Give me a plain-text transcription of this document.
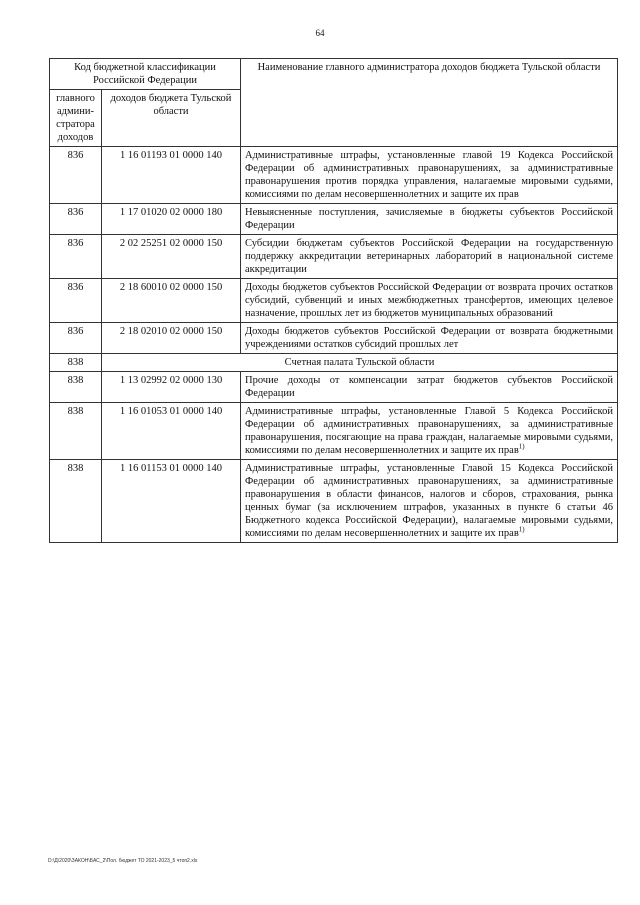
64
Код бюджетной классификации Российской Федерации		Наименование главного администратора доходов бюджета Тульской области
главного админи-стратора доходов	доходов бюджета Тульской области	
836	1 16 01193 01 0000 140	Административные штрафы, установленные главой 19 Кодекса Российской Федерации об административных правонарушениях, за административные правонарушения против порядка управления, налагаемые мировыми судьями, комиссиями по делам несовершеннолетних и защите их прав
836	1 17 01020 02 0000 180	Невыясненные поступления, зачисляемые в бюджеты субъектов Российской Федерации
836	2 02 25251 02 0000 150	Субсидии бюджетам субъектов Российской Федерации на государственную поддержку аккредитации ветеринарных лабораторий в национальной системе аккредитации
836	2 18 60010 02 0000 150	Доходы бюджетов субъектов Российской Федерации от возврата прочих остатков субсидий, субвенций и иных межбюджетных трансфертов, имеющих целевое назначение, прошлых лет из бюджетов муниципальных образований
836	2 18 02010 02 0000 150	Доходы бюджетов субъектов Российской Федерации от возврата бюджетными учреждениями остатков субсидий прошлых лет
838	Счетная палата Тульской области	
838	1 13 02992 02 0000 130	Прочие доходы от компенсации затрат бюджетов субъектов Российской Федерации
838	1 16 01053 01 0000 140	Административные штрафы, установленные Главой 5 Кодекса Российской Федерации об административных правонарушениях, за административные правонарушения, посягающие на права граждан, налагаемые мировыми судьями, комиссиями по делам несовершеннолетних и защите их прав$^{1)}$
838	1 16 01153 01 0000 140	Административные штрафы, установленные Главой 15 Кодекса Российской Федерации об административных правонарушениях, за административные правонарушения в области финансов, налогов и сборов, страхования, рынка ценных бумаг (за исключением штрафов, указанных в пункте 6 статьи 46 Бюджетного кодекса Российской Федерации), налагаемые мировыми судьями, комиссиями по делам несовершеннолетних и защите их прав$^{1)}$
D:\Д\2020\ЗАКОН\БАС_2\Пол. бюджет ТО 2021-2023_5 чтоп2.xls
